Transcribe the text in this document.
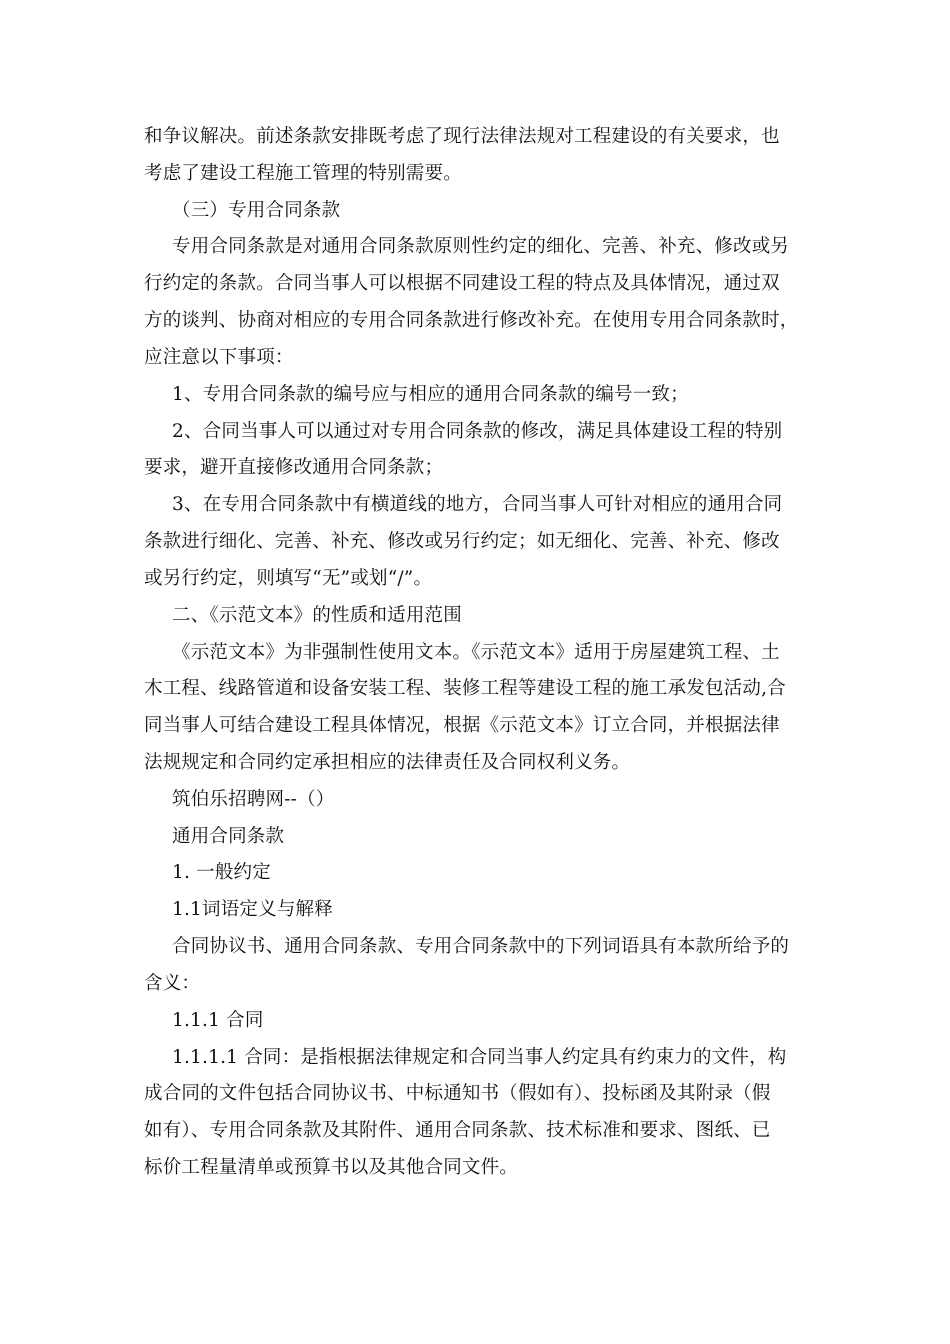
和争议解决。前述条款安排既考虑了现行法律法规对工程建设的有关要求，也
考虑了建设工程施工管理的特别需要。
（三）专用合同条款
专用合同条款是对通用合同条款原则性约定的细化、完善、补充、修改或另
行约定的条款。合同当事人可以根据不同建设工程的特点及具体情况，通过双
方的谈判、协商对相应的专用合同条款进行修改补充。在使用专用合同条款时，
应注意以下事项：
1、专用合同条款的编号应与相应的通用合同条款的编号一致；
2、合同当事人可以通过对专用合同条款的修改，满足具体建设工程的特别
要求，避开直接修改通用合同条款；
3、在专用合同条款中有横道线的地方，合同当事人可针对相应的通用合同
条款进行细化、完善、补充、修改或另行约定；如无细化、完善、补充、修改
或另行约定，则填写“无”或划“/”。
二、《示范文本》的性质和适用范围
《示范文本》为非强制性使用文本。《示范文本》适用于房屋建筑工程、土
木工程、线路管道和设备安装工程、装修工程等建设工程的施工承发包活动,合
同当事人可结合建设工程具体情况，根据《示范文本》订立合同，并根据法律
法规规定和合同约定承担相应的法律责任及合同权利义务。
筑伯乐招聘网--（）
通用合同条款
1. 一般约定
1.1词语定义与解释
合同协议书、通用合同条款、专用合同条款中的下列词语具有本款所给予的
含义：
1.1.1 合同
1.1.1.1 合同：是指根据法律规定和合同当事人约定具有约束力的文件，构
成合同的文件包括合同协议书、中标通知书（假如有）、投标函及其附录（假
如有）、专用合同条款及其附件、通用合同条款、技术标准和要求、图纸、已
标价工程量清单或预算书以及其他合同文件。
